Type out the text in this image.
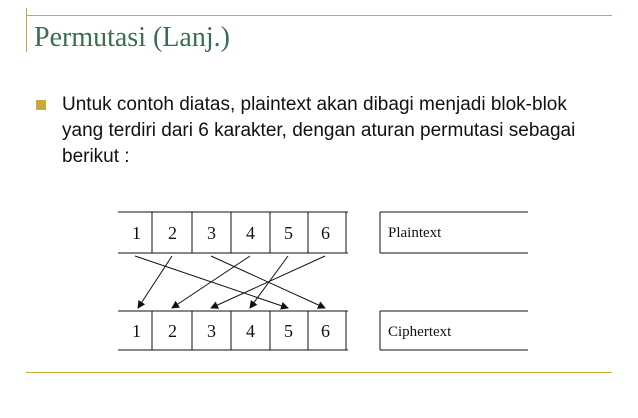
Permutasi (Lanj.)
Untuk contoh diatas, plaintext akan dibagi menjadi blok-blok yang terdiri dari 6 karakter, dengan aturan permutasi sebagai berikut :
1 2 3 4 5 6	Plaintext
1 2 3 4 5 6	Ciphertext
